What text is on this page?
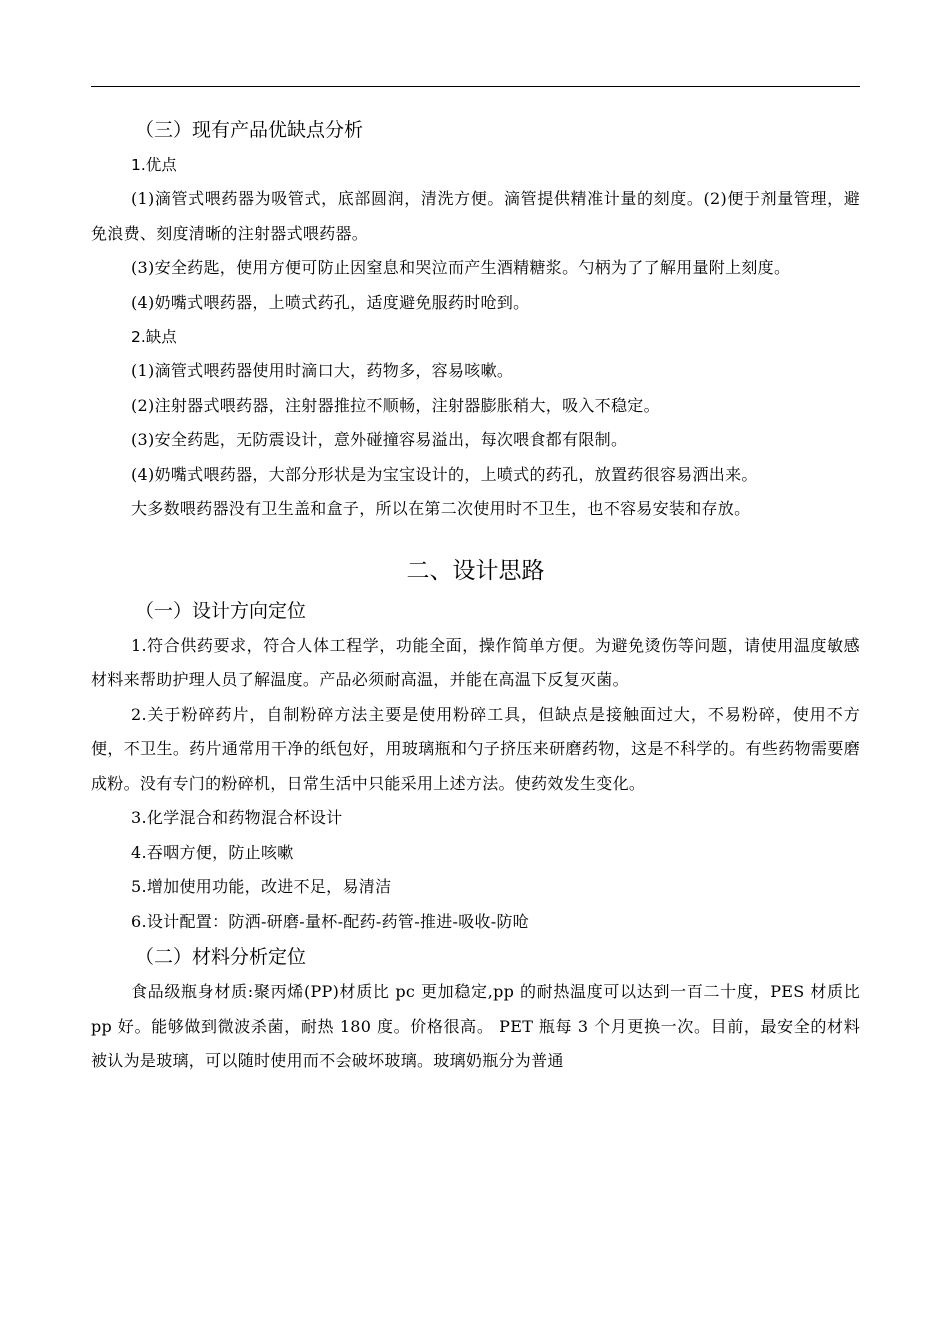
（三）现有产品优缺点分析
1.优点

(1)滴管式喂药器为吸管式，底部圆润，清洗方便。滴管提供精准计量的刻度。(2)便于剂量管理，避免浪费、刻度清晰的注射器式喂药器。

(3)安全药匙，使用方便可防止因窒息和哭泣而产生酒精糖浆。勺柄为了了解用量附上刻度。

(4)奶嘴式喂药器，上喷式药孔，适度避免服药时呛到。

2.缺点

(1)滴管式喂药器使用时滴口大，药物多，容易咳嗽。

(2)注射器式喂药器，注射器推拉不顺畅，注射器膨胀稍大，吸入不稳定。

(3)安全药匙，无防震设计，意外碰撞容易溢出，每次喂食都有限制。

(4)奶嘴式喂药器，大部分形状是为宝宝设计的，上喷式的药孔，放置药很容易洒出来。

大多数喂药器没有卫生盖和盒子，所以在第二次使用时不卫生，也不容易安装和存放。

二、设计思路
（一）设计方向定位

1.符合供药要求，符合人体工程学，功能全面，操作简单方便。为避免烫伤等问题，请使用温度敏感材料来帮助护理人员了解温度。产品必须耐高温，并能在高温下反复灭菌。

2.关于粉碎药片，自制粉碎方法主要是使用粉碎工具，但缺点是接触面过大，不易粉碎，使用不方便，不卫生。药片通常用干净的纸包好，用玻璃瓶和勺子挤压来研磨药物，这是不科学的。有些药物需要磨成粉。没有专门的粉碎机，日常生活中只能采用上述方法。使药效发生变化。

3.化学混合和药物混合杯设计

4.吞咽方便，防止咳嗽

5.增加使用功能，改进不足，易清洁

6.设计配置：防洒-研磨-量杯-配药-药管-推进-吸收-防呛

（二）材料分析定位

食品级瓶身材质:聚丙烯(PP)材质比 pc 更加稳定,pp 的耐热温度可以达到一百二十度，PES 材质比 pp 好。能够做到微波杀菌，耐热 180 度。价格很高。 PET 瓶每 3 个月更换一次。目前，最安全的材料被认为是玻璃，可以随时使用而不会破坏玻璃。玻璃奶瓶分为普通
